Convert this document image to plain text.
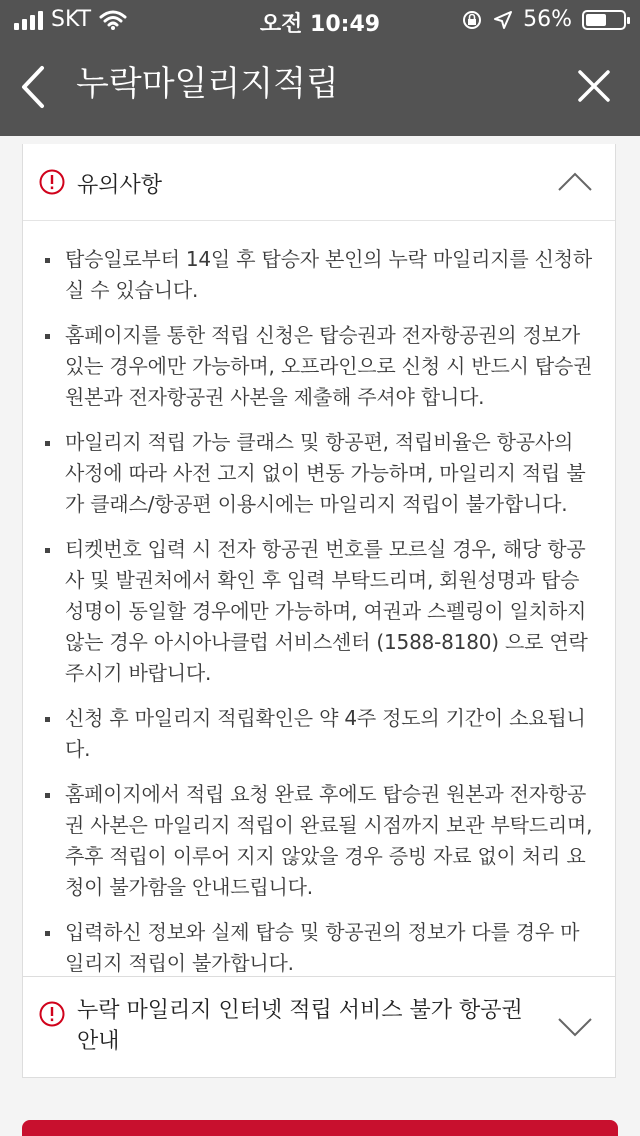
SKT	오전 10:49	56%
누락마일리지적립
유의사항
탑승일로부터 14일 후 탑승자 본인의 누락 마일리지를 신청하실 수 있습니다.
홈페이지를 통한 적립 신청은 탑승권과 전자항공권의 정보가 있는 경우에만 가능하며, 오프라인으로 신청 시 반드시 탑승권 원본과 전자항공권 사본을 제출해 주셔야 합니다.
마일리지 적립 가능 클래스 및 항공편, 적립비율은 항공사의 사정에 따라 사전 고지 없이 변동 가능하며, 마일리지 적립 불가 클래스/항공편 이용시에는 마일리지 적립이 불가합니다.
티켓번호 입력 시 전자 항공권 번호를 모르실 경우, 해당 항공사 및 발권처에서 확인 후 입력 부탁드리며, 회원성명과 탑승성명이 동일할 경우에만 가능하며, 여권과 스펠링이 일치하지 않는 경우 아시아나클럽 서비스센터 (1588-8180) 으로 연락 주시기 바랍니다.
신청 후 마일리지 적립확인은 약 4주 정도의 기간이 소요됩니다.
홈페이지에서 적립 요청 완료 후에도 탑승권 원본과 전자항공권 사본은 마일리지 적립이 완료될 시점까지 보관 부탁드리며, 추후 적립이 이루어 지지 않았을 경우 증빙 자료 없이 처리 요청이 불가함을 안내드립니다.
입력하신 정보와 실제 탑승 및 항공권의 정보가 다를 경우 마일리지 적립이 불가합니다.
누락 마일리지 인터넷 적립 서비스 불가 항공권 안내
